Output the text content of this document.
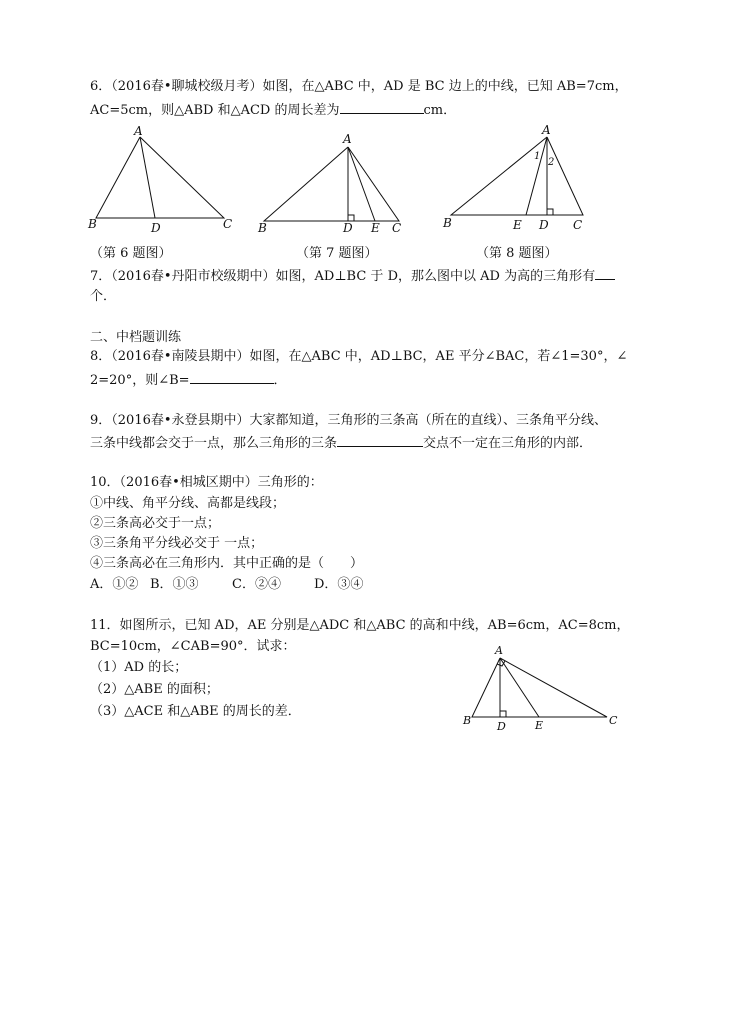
6．（2016春•聊城校级月考）如图，在△ABC 中，AD 是 BC 边上的中线，已知 AB=7cm，
AC=5cm，则△ABD 和△ACD 的周长差为	cm．
A
B	D	C
A
B	D E C
A
1
2
B	E D C
（第 6 题图）	（第 7 题图）	（第 8 题图）
7．（2016春•丹阳市校级期中）如图，AD⊥BC 于 D，那么图中以 AD 为高的三角形有
个．
二、中档题训练
8．（2016春•南陵县期中）如图，在△ABC 中，AD⊥BC，AE 平分∠BAC，若∠1=30°，∠
2=20°，则∠B=	．
9．（2016春•永登县期中）大家都知道，三角形的三条高（所在的直线）、三条角平分线、
三条中线都会交于一点，那么三角形的三条	交点不一定在三角形的内部．
10．（2016春•相城区期中）三角形的：
①中线、角平分线、高都是线段；
②三条高必交于一点；
③三条角平分线必交于 一点；
④三条高必在三角形内．其中正确的是（　　）
A．①② B．①③	C．②④	D．③④
11．如图所示，已知 AD，AE 分别是△ADC 和△ABC 的高和中线，AB=6cm，AC=8cm，
BC=10cm，∠CAB=90°．试求：
（1）AD 的长；
（2）△ABE 的面积；
（3）△ACE 和△ABE 的周长的差．
A
B D	E	C
